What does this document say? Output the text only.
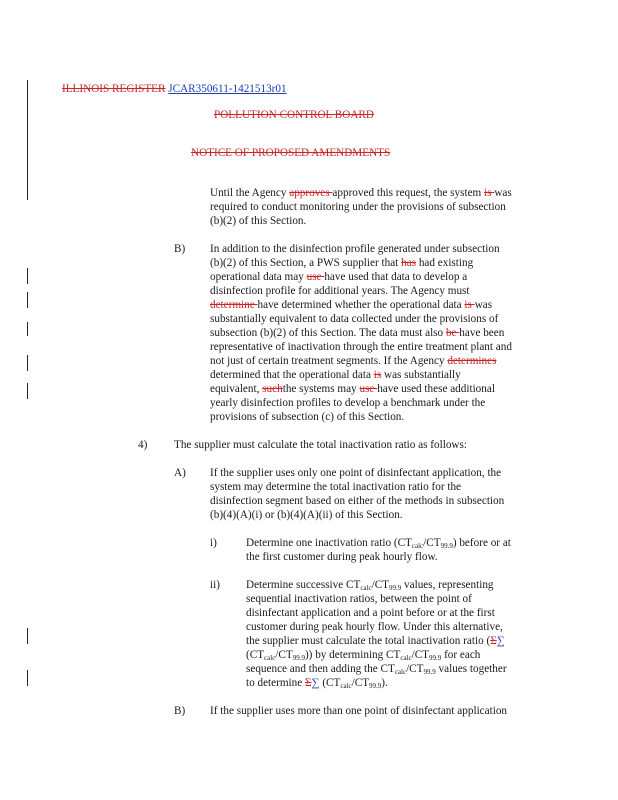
ILLINOIS REGISTER JCAR350611-1421513r01
POLLUTION CONTROL BOARD
NOTICE OF PROPOSED AMENDMENTS
Until the Agency approves approved this request, the system is was
required to conduct monitoring under the provisions of subsection
(b)(2) of this Section.
B) In addition to the disinfection profile generated under subsection
(b)(2) of this Section, a PWS supplier that has had existing
operational data may use have used that data to develop a
disinfection profile for additional years. The Agency must
determine have determined whether the operational data is was
substantially equivalent to data collected under the provisions of
subsection (b)(2) of this Section. The data must also be have been
representative of inactivation through the entire treatment plant and
not just of certain treatment segments. If the Agency determines
determined that the operational data is was substantially
equivalent, suchthe systems may use have used these additional
yearly disinfection profiles to develop a benchmark under the
provisions of subsection (c) of this Section.
4) The supplier must calculate the total inactivation ratio as follows:
A) If the supplier uses only one point of disinfectant application, the
system may determine the total inactivation ratio for the
disinfection segment based on either of the methods in subsection
(b)(4)(A)(i) or (b)(4)(A)(ii) of this Section.
i)	Determine one inactivation ratio $(CT_{calc}/CT_{99.9})$ before or at
the first customer during peak hourly flow.
ii) Determine successive $CT_{calc}/CT_{99.9}$ values, representing
sequential inactivation ratios, between the point of
disinfectant application and a point before or at the first
customer during peak hourly flow. Under this alternative,
the supplier must calculate the total inactivation ratio (Σ∑
$(CT_{calc}/CT_{99.9})$) by determining $CT_{calc}/CT_{99.9}$ for each
sequence and then adding the $CT_{calc}/CT_{99.9}$ values together
to determine Σ∑ $(CT_{calc}/CT_{99.9})$.
B) If the supplier uses more than one point of disinfectant application
